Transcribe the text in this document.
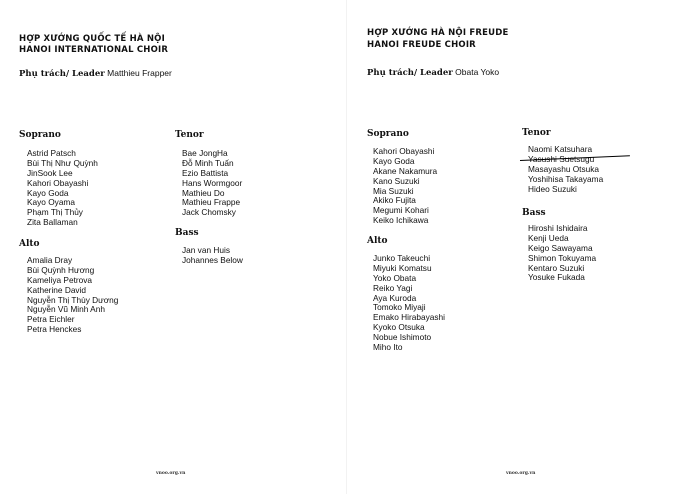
HỢP XƯỚNG QUỐC TẾ HÀ NỘI
HANOI INTERNATIONAL CHOIR
Phụ trách/ Leader Matthieu Frapper
Soprano
Astrid Patsch
Bùi Thị Như Quỳnh
JinSook Lee
Kahori Obayashi
Kayo Goda
Kayo Oyama
Phạm Thị Thủy
Zita Ballaman
Alto
Amalia Dray
Bùi Quỳnh Hương
Kameliya Petrova
Katherine David
Nguyễn Thị Thùy Dương
Nguyễn Vũ Minh Anh
Petra Eichler
Petra Henckes
Tenor
Bae JongHa
Đỗ Minh Tuấn
Ezio Battista
Hans Wormgoor
Mathieu Do
Mathieu Frappe
Jack Chomsky
Bass
Jan van Huis
Johannes Below
vnoo.org.vn
HỢP XƯỚNG HÀ NỘI FREUDE
HANOI FREUDE CHOIR
Phụ trách/ Leader Obata Yoko
Soprano
Kahori Obayashi
Kayo Goda
Akane Nakamura
Kano Suzuki
Mia Suzuki
Akiko Fujita
Megumi Kohari
Keiko Ichikawa
Alto
Junko Takeuchi
Miyuki Komatsu
Yoko Obata
Reiko Yagi
Aya Kuroda
Tomoko Miyaji
Emako Hirabayashi
Kyoko Otsuka
Nobue Ishimoto
Miho Ito
Tenor
Naomi Katsuhara
Yasushi Suetsugu
Masayashu Otsuka
Yoshihisa Takayama
Hideo Suzuki
Bass
Hiroshi Ishidaira
Kenji Ueda
Keigo Sawayama
Shimon Tokuyama
Kentaro Suzuki
Yosuke Fukada
vnoo.org.vn
